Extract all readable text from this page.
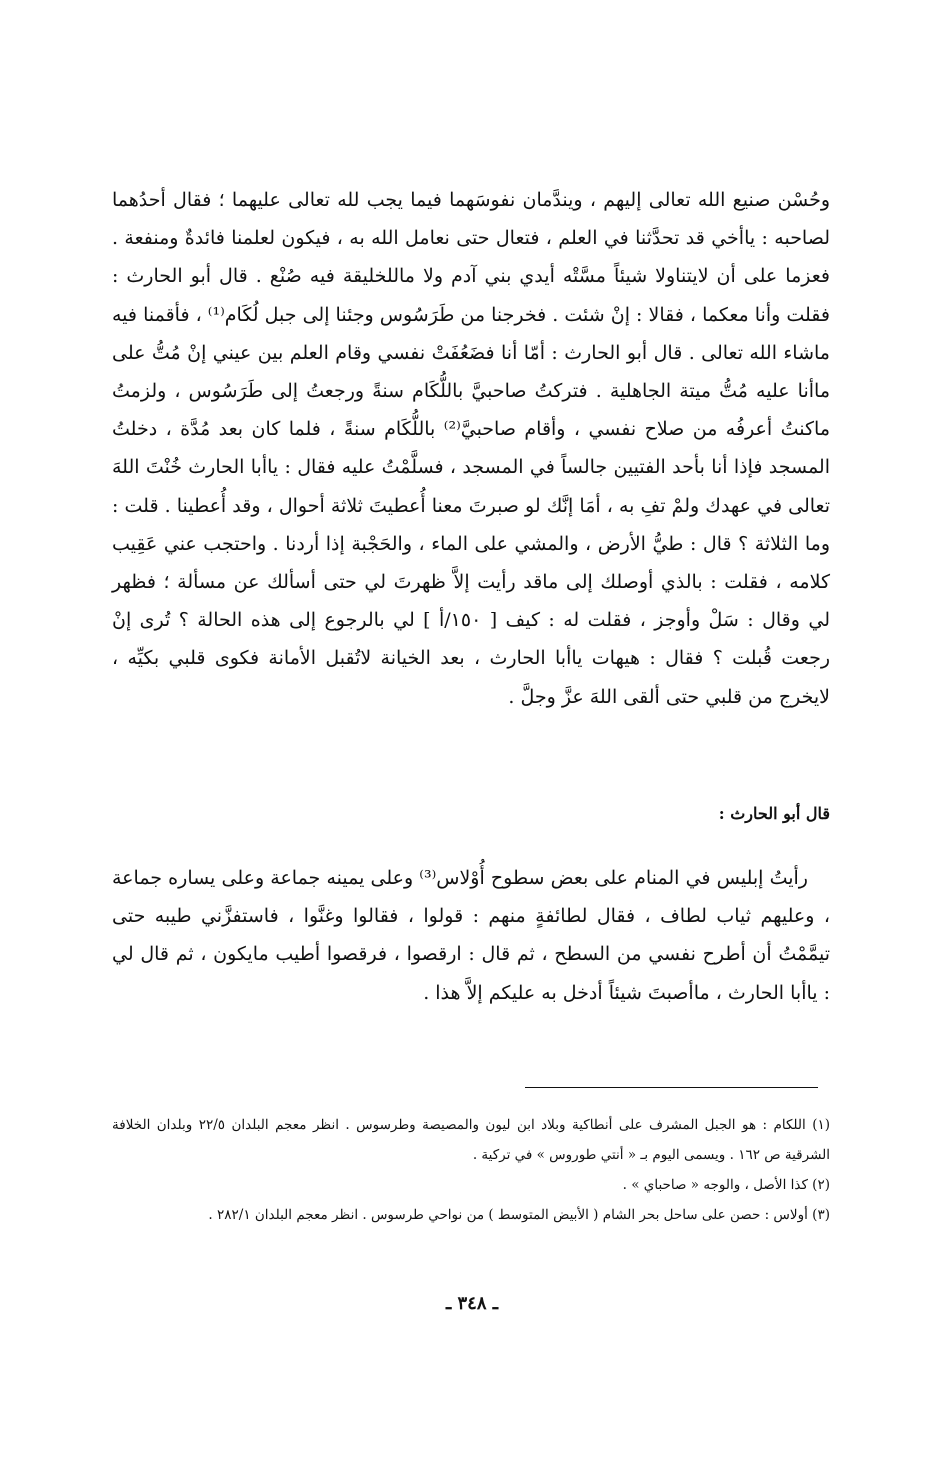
وحُسْن صنيع الله تعالى إليهم ، ويندَّمان نفوسَهما فيما يجب لله تعالى عليهما ؛ فقال أحدُهما لصاحبه : ياأخي قد تحدَّثنا في العلم ، فتعال حتى نعامل الله به ، فيكون لعلمنا فائدةٌ ومنفعة . فعزما على أن لايتناولا شيئاً مسَّتْه أيدي بني آدم ولا ماللخليقة فيه صُنْع . قال أبو الحارث : فقلت وأنا معكما ، فقالا : إنْ شئت . فخرجنا من طَرَسُوس وجئنا إلى جبل لُكَام⁽¹⁾ ، فأقمنا فيه ماشاء الله تعالى . قال أبو الحارث : أمّا أنا فضَعُفَتْ نفسي وقام العلم بين عيني إنْ مُتُّ على ماأنا عليه مُتُّ ميتة الجاهلية . فتركتُ صاحبيَّ باللُّكَام سنةً ورجعتُ إلى طَرَسُوس ، ولزمتُ ماكنتُ أعرفُه من صلاح نفسي ، وأقام صاحبيَّ⁽²⁾ باللُّكَام سنةً ، فلما كان بعد مُدَّة ، دخلتُ المسجد فإذا أنا بأحد الفتيين جالساً في المسجد ، فسلَّمْتُ عليه فقال : ياأبا الحارث خُنْتَ اللهَ تعالى في عهدك ولمْ تفِ به ، أمَا إنَّك لو صبرتَ معنا أُعطيتَ ثلاثة أحوال ، وقد أُعطينا . قلت : وما الثلاثة ؟ قال : طيُّ الأرض ، والمشي على الماء ، والحَجْبة إذا أردنا . واحتجب عني عَقِيب كلامه ، فقلت : بالذي أوصلك إلى ماقد رأيت إلاَّ ظهرتَ لي حتى أسألك عن مسألة ؛ فظهر لي وقال : سَلْ وأوجز ، فقلت له : كيف [ ١٥٠/أ ] لي بالرجوع إلى هذه الحالة ؟ تُرى إنْ رجعت قُبلت ؟ فقال : هيهات ياأبا الحارث ، بعد الخيانة لاتُقبل الأمانة فكوى قلبي بكيِّه ، لايخرج من قلبي حتى ألقى اللهَ عزَّ وجلَّ .

قال أبو الحارث :

رأيتُ إبليس في المنام على بعض سطوح أُوْلاس⁽³⁾ وعلى يمينه جماعة وعلى يساره جماعة ، وعليهم ثياب لطاف ، فقال لطائفةٍ منهم : قولوا ، فقالوا وغنَّوا ، فاستفزَّني طيبه حتى تيمَّمْتُ أن أطرح نفسي من السطح ، ثم قال : ارقصوا ، فرقصوا أطيب مايكون ، ثم قال لي : ياأبا الحارث ، ماأصبتَ شيئاً أدخل به عليكم إلاَّ هذا .

(١) اللكام : هو الجبل المشرف على أنطاكية وبلاد ابن ليون والمصيصة وطرسوس . انظر معجم البلدان ٢٢/٥ وبلدان الخلافة الشرقية ص ١٦٢ . ويسمى اليوم بـ « أنتي طوروس » في تركية .

(٢) كذا الأصل ، والوجه « صاحباي » .

(٣) أولاس : حصن على ساحل بحر الشام ( الأبيض المتوسط ) من نواحي طرسوس . انظر معجم البلدان ٢٨٢/١ .

ـ ٣٤٨ ـ
